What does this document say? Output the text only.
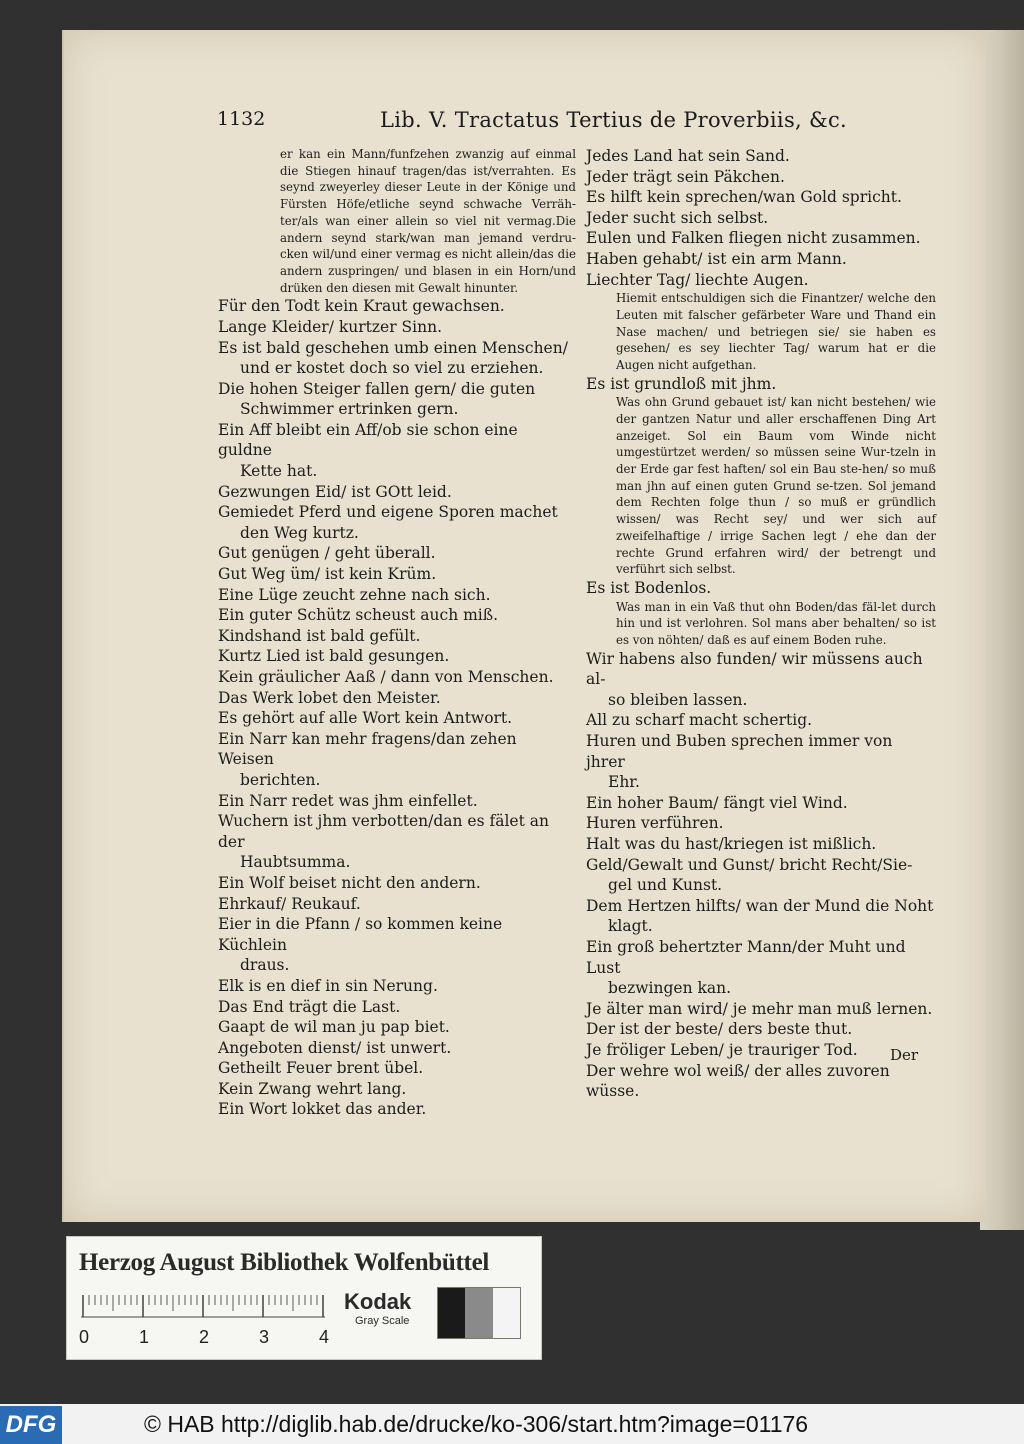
1132	Lib. V. Tractatus Tertius de Proverbiis, &c.

er kan ein Mann/funfzehen zwanzig auf einmal die Stiegen hinauf tragen/das ist/verrahten. Es seynd zweyerley dieser Leute in der Könige und Fürsten Höfe/etliche seynd schwache Verräh-ter/als wan einer allein so viel nit vermag.Die andern seynd stark/wan man jemand verdru-cken wil/und einer vermag es nicht allein/das die andern zuspringen/ und blasen in ein Horn/und drüken den diesen mit Gewalt hinunter.

Für den Todt kein Kraut gewachsen.

Lange Kleider/ kurtzer Sinn.

Es ist bald geschehen umb einen Menschen/
und er kostet doch so viel zu erziehen.

Die hohen Steiger fallen gern/ die guten
Schwimmer ertrinken gern.

Ein Aff bleibt ein Aff/ob sie schon eine guldne
Kette hat.

Gezwungen Eid/ ist GOtt leid.

Gemiedet Pferd und eigene Sporen machet
den Weg kurtz.

Gut genügen / geht überall.

Gut Weg üm/ ist kein Krüm.

Eine Lüge zeucht zehne nach sich.

Ein guter Schütz scheust auch miß.

Kindshand ist bald gefült.

Kurtz Lied ist bald gesungen.

Kein gräulicher Aaß / dann von Menschen.

Das Werk lobet den Meister.

Es gehört auf alle Wort kein Antwort.

Ein Narr kan mehr fragens/dan zehen Weisen
berichten.

Ein Narr redet was jhm einfellet.

Wuchern ist jhm verbotten/dan es fälet an der
Haubtsumma.

Ein Wolf beiset nicht den andern.

Ehrkauf/ Reukauf.

Eier in die Pfann / so kommen keine Küchlein
draus.

Elk is en dief in sin Nerung.

Das End trägt die Last.

Gaapt de wil man ju pap biet.

Angeboten dienst/ ist unwert.

Getheilt Feuer brent übel.

Kein Zwang wehrt lang.

Ein Wort lokket das ander.

Jedes Land hat sein Sand.

Jeder trägt sein Päkchen.

Es hilft kein sprechen/wan Gold spricht.

Jeder sucht sich selbst.

Eulen und Falken fliegen nicht zusammen.

Haben gehabt/ ist ein arm Mann.

Liechter Tag/ liechte Augen.

Hiemit entschuldigen sich die Finantzer/ welche den Leuten mit falscher gefärbeter Ware und Thand ein Nase machen/ und betriegen sie/ sie haben es gesehen/ es sey liechter Tag/ warum hat er die Augen nicht aufgethan.

Es ist grundloß mit jhm.

Was ohn Grund gebauet ist/ kan nicht bestehen/ wie der gantzen Natur und aller erschaffenen Ding Art anzeiget. Sol ein Baum vom Winde nicht umgestürtzet werden/ so müssen seine Wur-tzeln in der Erde gar fest haften/ sol ein Bau ste-hen/ so muß man jhn auf einen guten Grund se-tzen. Sol jemand dem Rechten folge thun / so muß er gründlich wissen/ was Recht sey/ und wer sich auf zweifelhaftige / irrige Sachen legt / ehe dan der rechte Grund erfahren wird/ der betrengt und verführt sich selbst.

Es ist Bodenlos.

Was man in ein Vaß thut ohn Boden/das fäl-let durch hin und ist verlohren. Sol mans aber behalten/ so ist es von nöhten/ daß es auf einem Boden ruhe.

Wir habens also funden/ wir müssens auch al-
so bleiben lassen.

All zu scharf macht schertig.

Huren und Buben sprechen immer von jhrer
Ehr.

Ein hoher Baum/ fängt viel Wind.

Huren verführen.

Halt was du hast/kriegen ist mißlich.

Geld/Gewalt und Gunst/ bricht Recht/Sie-
gel und Kunst.

Dem Hertzen hilfts/ wan der Mund die Noht
klagt.

Ein groß behertzter Mann/der Muht und Lust
bezwingen kan.

Je älter man wird/ je mehr man muß lernen.

Der ist der beste/ ders beste thut.

Je fröliger Leben/ je trauriger Tod.

Der wehre wol weiß/ der alles zuvoren wüsse.

Der
Herzog August Bibliothek Wolfenbüttel
0	1	2	3	4
Kodak
Gray Scale
DFG	© HAB http://diglib.hab.de/drucke/ko-306/start.htm?image=01176
